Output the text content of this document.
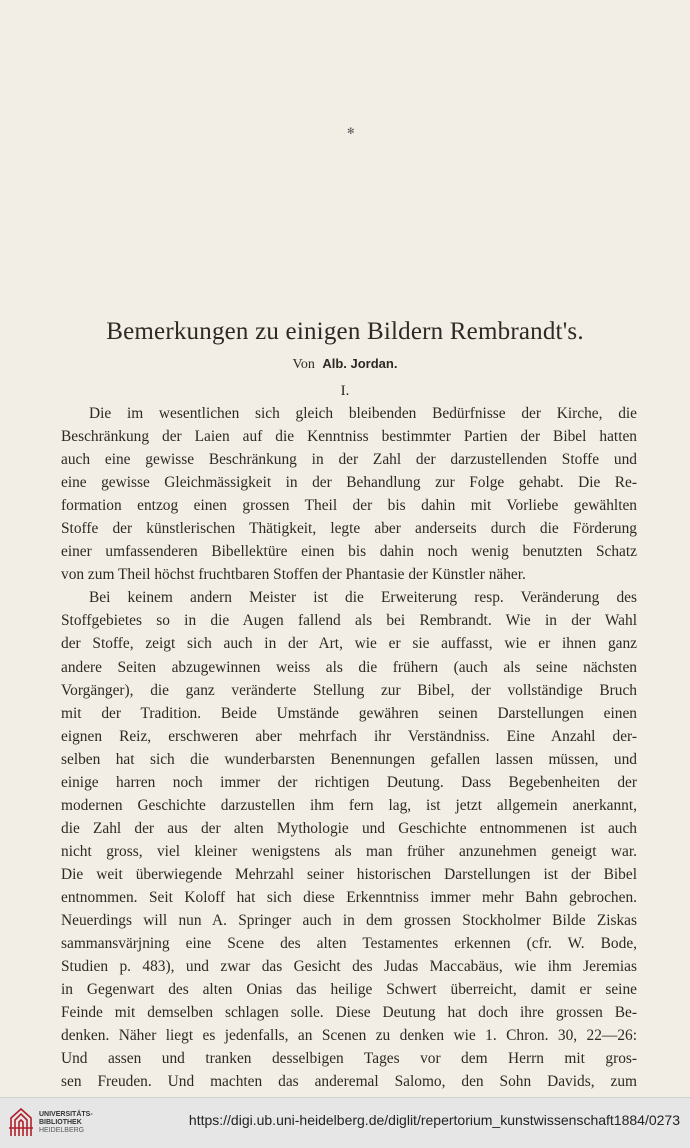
✻
Bemerkungen zu einigen Bildern Rembrandt's.
Von Alb. Jordan.
I.
Die im wesentlichen sich gleich bleibenden Bedürfnisse der Kirche, die
Beschränkung der Laien auf die Kenntniss bestimmter Partien der Bibel hatten
auch eine gewisse Beschränkung in der Zahl der darzustellenden Stoffe und
eine gewisse Gleichmässigkeit in der Behandlung zur Folge gehabt. Die Re-
formation entzog einen grossen Theil der bis dahin mit Vorliebe gewählten
Stoffe der künstlerischen Thätigkeit, legte aber anderseits durch die Förderung
einer umfassenderen Bibellektüre einen bis dahin noch wenig benutzten Schatz
von zum Theil höchst fruchtbaren Stoffen der Phantasie der Künstler näher.
Bei keinem andern Meister ist die Erweiterung resp. Veränderung des
Stoffgebietes so in die Augen fallend als bei Rembrandt. Wie in der Wahl
der Stoffe, zeigt sich auch in der Art, wie er sie auffasst, wie er ihnen ganz
andere Seiten abzugewinnen weiss als die frühern (auch als seine nächsten
Vorgänger), die ganz veränderte Stellung zur Bibel, der vollständige Bruch
mit der Tradition. Beide Umstände gewähren seinen Darstellungen einen
eignen Reiz, erschweren aber mehrfach ihr Verständniss. Eine Anzahl der-
selben hat sich die wunderbarsten Benennungen gefallen lassen müssen, und
einige harren noch immer der richtigen Deutung. Dass Begebenheiten der
modernen Geschichte darzustellen ihm fern lag, ist jetzt allgemein anerkannt,
die Zahl der aus der alten Mythologie und Geschichte entnommenen ist auch
nicht gross, viel kleiner wenigstens als man früher anzunehmen geneigt war.
Die weit überwiegende Mehrzahl seiner historischen Darstellungen ist der Bibel
entnommen. Seit Koloff hat sich diese Erkenntniss immer mehr Bahn gebrochen.
Neuerdings will nun A. Springer auch in dem grossen Stockholmer Bilde Ziskas
sammansvärjning eine Scene des alten Testamentes erkennen (cfr. W. Bode,
Studien p. 483), und zwar das Gesicht des Judas Maccabäus, wie ihm Jeremias
in Gegenwart des alten Onias das heilige Schwert überreicht, damit er seine
Feinde mit demselben schlagen solle. Diese Deutung hat doch ihre grossen Be-
denken. Näher liegt es jedenfalls, an Scenen zu denken wie 1. Chron. 30, 22—26:
Und assen und tranken desselbigen Tages vor dem Herrn mit gros-
sen Freuden. Und machten das anderemal Salomo, den Sohn Davids, zum
UNIVERSITÄTS-
BIBLIOTHEK
HEIDELBERG
https://digi.ub.uni-heidelberg.de/diglit/repertorium_kunstwissenschaft1884/0273
